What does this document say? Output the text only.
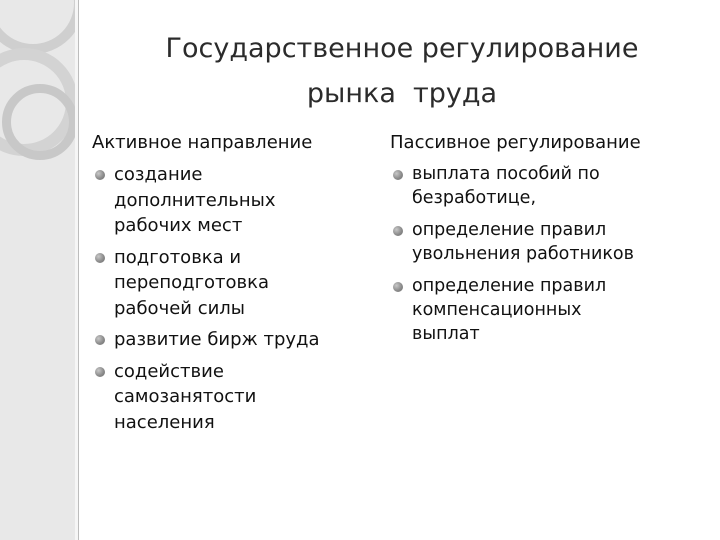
Государственное регулирование
рынка  труда
Активное направление
создание дополнительных рабочих мест
подготовка и переподготовка рабочей силы
развитие бирж труда
содействие самозанятости населения
Пассивное регулирование
выплата пособий по безработице,
определение правил увольнения работников
определение правил компенсационных выплат
